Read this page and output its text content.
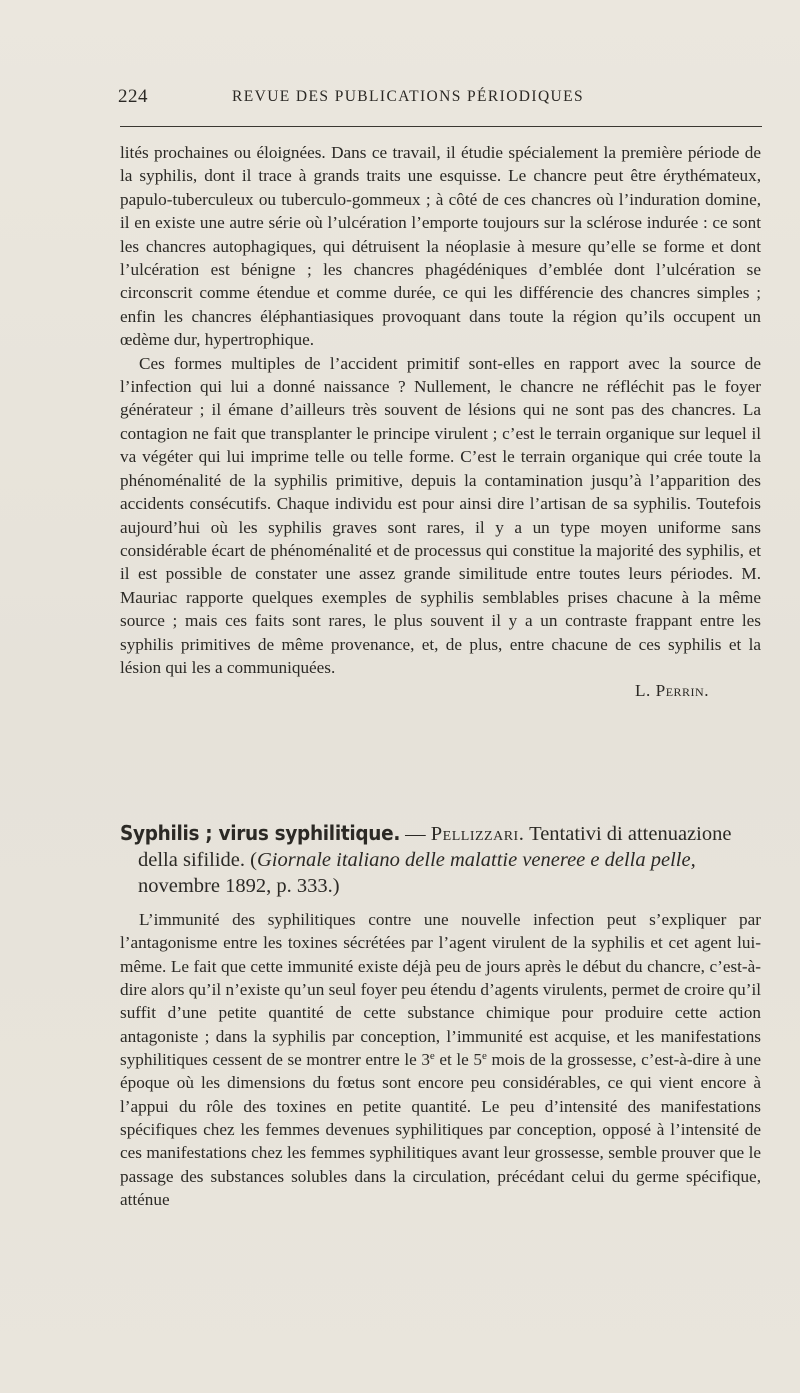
224	REVUE DES PUBLICATIONS PÉRIODIQUES

lités prochaines ou éloignées. Dans ce travail, il étudie spécialement la première période de la syphilis, dont il trace à grands traits une esquisse. Le chancre peut être érythémateux, papulo-tuberculeux ou tuberculo-gommeux ; à côté de ces chancres où l’induration domine, il en existe une autre série où l’ulcération l’emporte toujours sur la sclérose indurée : ce sont les chancres autophagiques, qui détruisent la néoplasie à mesure qu’elle se forme et dont l’ulcération est bénigne ; les chancres phagédéniques d’emblée dont l’ulcération se circonscrit comme étendue et comme durée, ce qui les différencie des chancres simples ; enfin les chancres éléphantiasiques provoquant dans toute la région qu’ils occupent un œdème dur, hypertrophique.

Ces formes multiples de l’accident primitif sont-elles en rapport avec la source de l’infection qui lui a donné naissance ? Nullement, le chancre ne réfléchit pas le foyer générateur ; il émane d’ailleurs très souvent de lésions qui ne sont pas des chancres. La contagion ne fait que transplanter le principe virulent ; c’est le terrain organique sur lequel il va végéter qui lui imprime telle ou telle forme. C’est le terrain organique qui crée toute la phénoménalité de la syphilis primitive, depuis la contamination jusqu’à l’apparition des accidents consécutifs. Chaque individu est pour ainsi dire l’artisan de sa syphilis. Toutefois aujourd’hui où les syphilis graves sont rares, il y a un type moyen uniforme sans considérable écart de phénoménalité et de processus qui constitue la majorité des syphilis, et il est possible de constater une assez grande similitude entre toutes leurs périodes. M. Mauriac rapporte quelques exemples de syphilis semblables prises chacune à la même source ; mais ces faits sont rares, le plus souvent il y a un contraste frappant entre les syphilis primitives de même provenance, et, de plus, entre chacune de ces syphilis et la lésion qui les a communiquées.

L. Perrin.
Syphilis ; virus syphilitique. — Pellizzari. Tentativi di attenuazione della sifilide. (Giornale italiano delle malattie veneree e della pelle, novembre 1892, p. 333.)

L’immunité des syphilitiques contre une nouvelle infection peut s’expliquer par l’antagonisme entre les toxines sécrétées par l’agent virulent de la syphilis et cet agent lui-même. Le fait que cette immunité existe déjà peu de jours après le début du chancre, c’est-à-dire alors qu’il n’existe qu’un seul foyer peu étendu d’agents virulents, permet de croire qu’il suffit d’une petite quantité de cette substance chimique pour produire cette action antagoniste ; dans la syphilis par conception, l’immunité est acquise, et les manifestations syphilitiques cessent de se montrer entre le 3e et le 5e mois de la grossesse, c’est-à-dire à une époque où les dimensions du fœtus sont encore peu considérables, ce qui vient encore à l’appui du rôle des toxines en petite quantité. Le peu d’intensité des manifestations spécifiques chez les femmes devenues syphilitiques par conception, opposé à l’intensité de ces manifestations chez les femmes syphilitiques avant leur grossesse, semble prouver que le passage des substances solubles dans la circulation, précédant celui du germe spécifique, atténue
